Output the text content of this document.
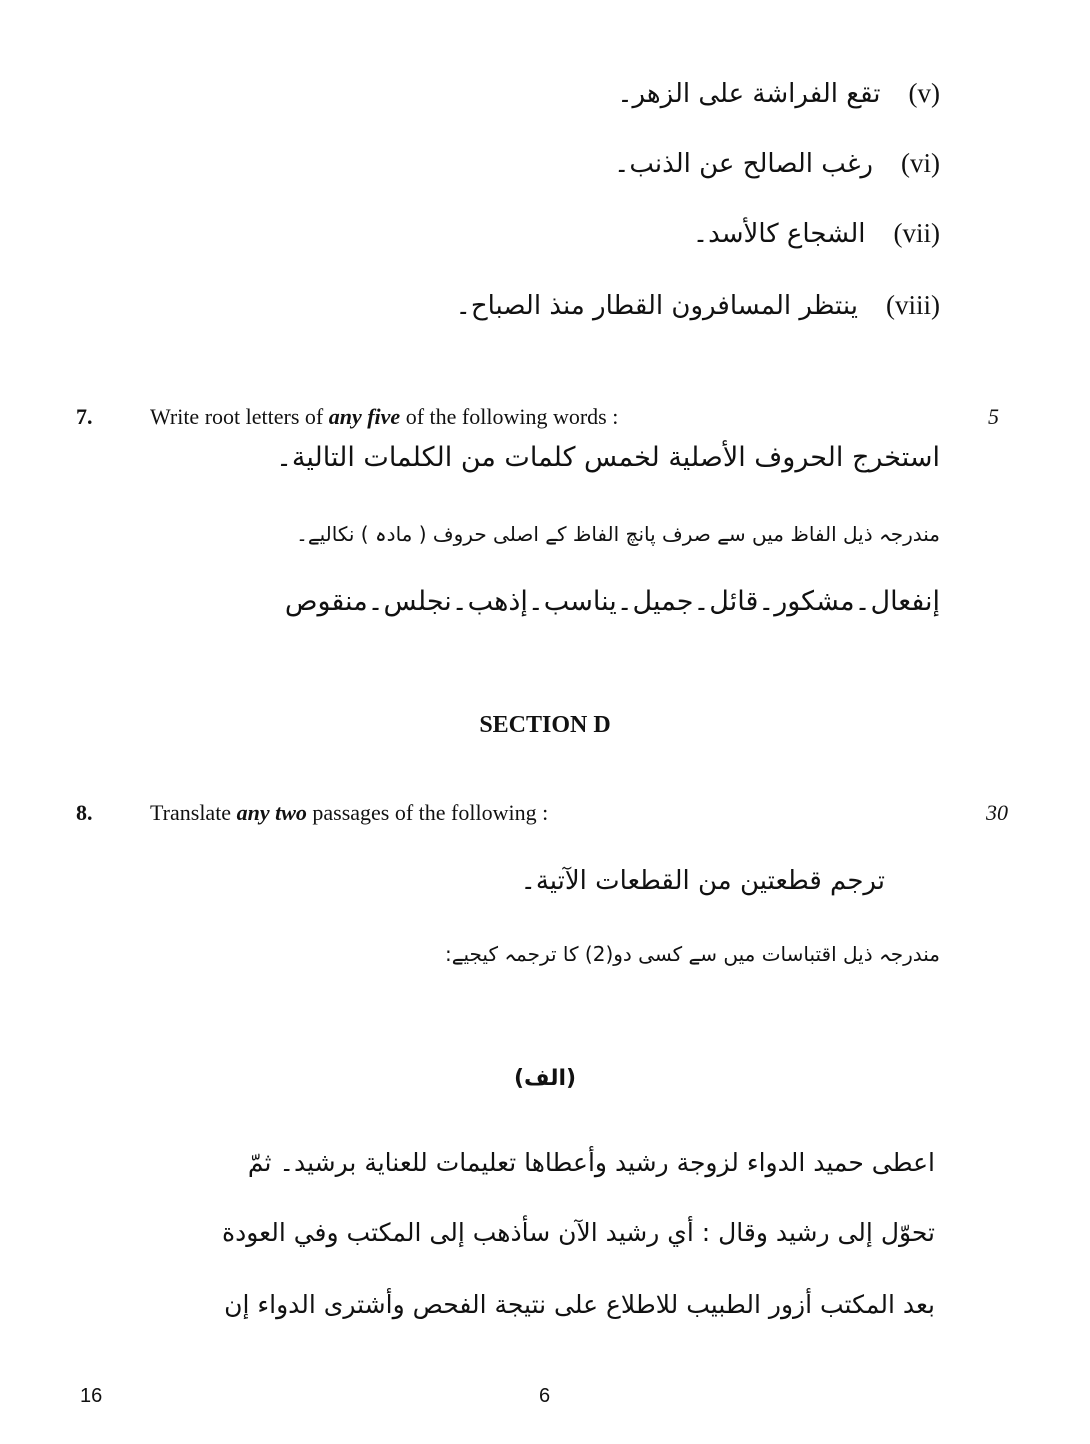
(v)تقع الفراشة على الزهر۔
(vi)رغب الصالح عن الذنب۔
(vii)الشجاع كالأسد۔
(viii)ينتظر المسافرون القطار منذ الصباح۔
7.	Write root letters of any five of the following words :	5
استخرج الحروف الأصلية لخمس كلمات من الكلمات التالية۔
مندرجہ ذیل الفاظ میں سے صرف پانچ الفاظ کے اصلی حروف ( مادہ ) نکالیے۔
إنفعال۔مشكور۔قائل۔جميل۔يناسب۔إذهب۔نجلس۔منقوص
SECTION D
8.	Translate any two passages of the following :	30
ترجم قطعتين من القطعات الآتية۔
مندرجہ ذیل اقتباسات میں سے کسی دو(2) کا ترجمہ کیجیے:
(الف)
اعطى حميد الدواء لزوجة رشيد وأعطاها تعليمات للعناية برشيد۔ ثمّ
تحوّل إلى رشيد وقال : أي رشيد الآن سأذهب إلى المكتب وفي العودة
بعد المكتب أزور الطبيب للاطلاع على نتيجة الفحص وأشترى الدواء إن
16	6
